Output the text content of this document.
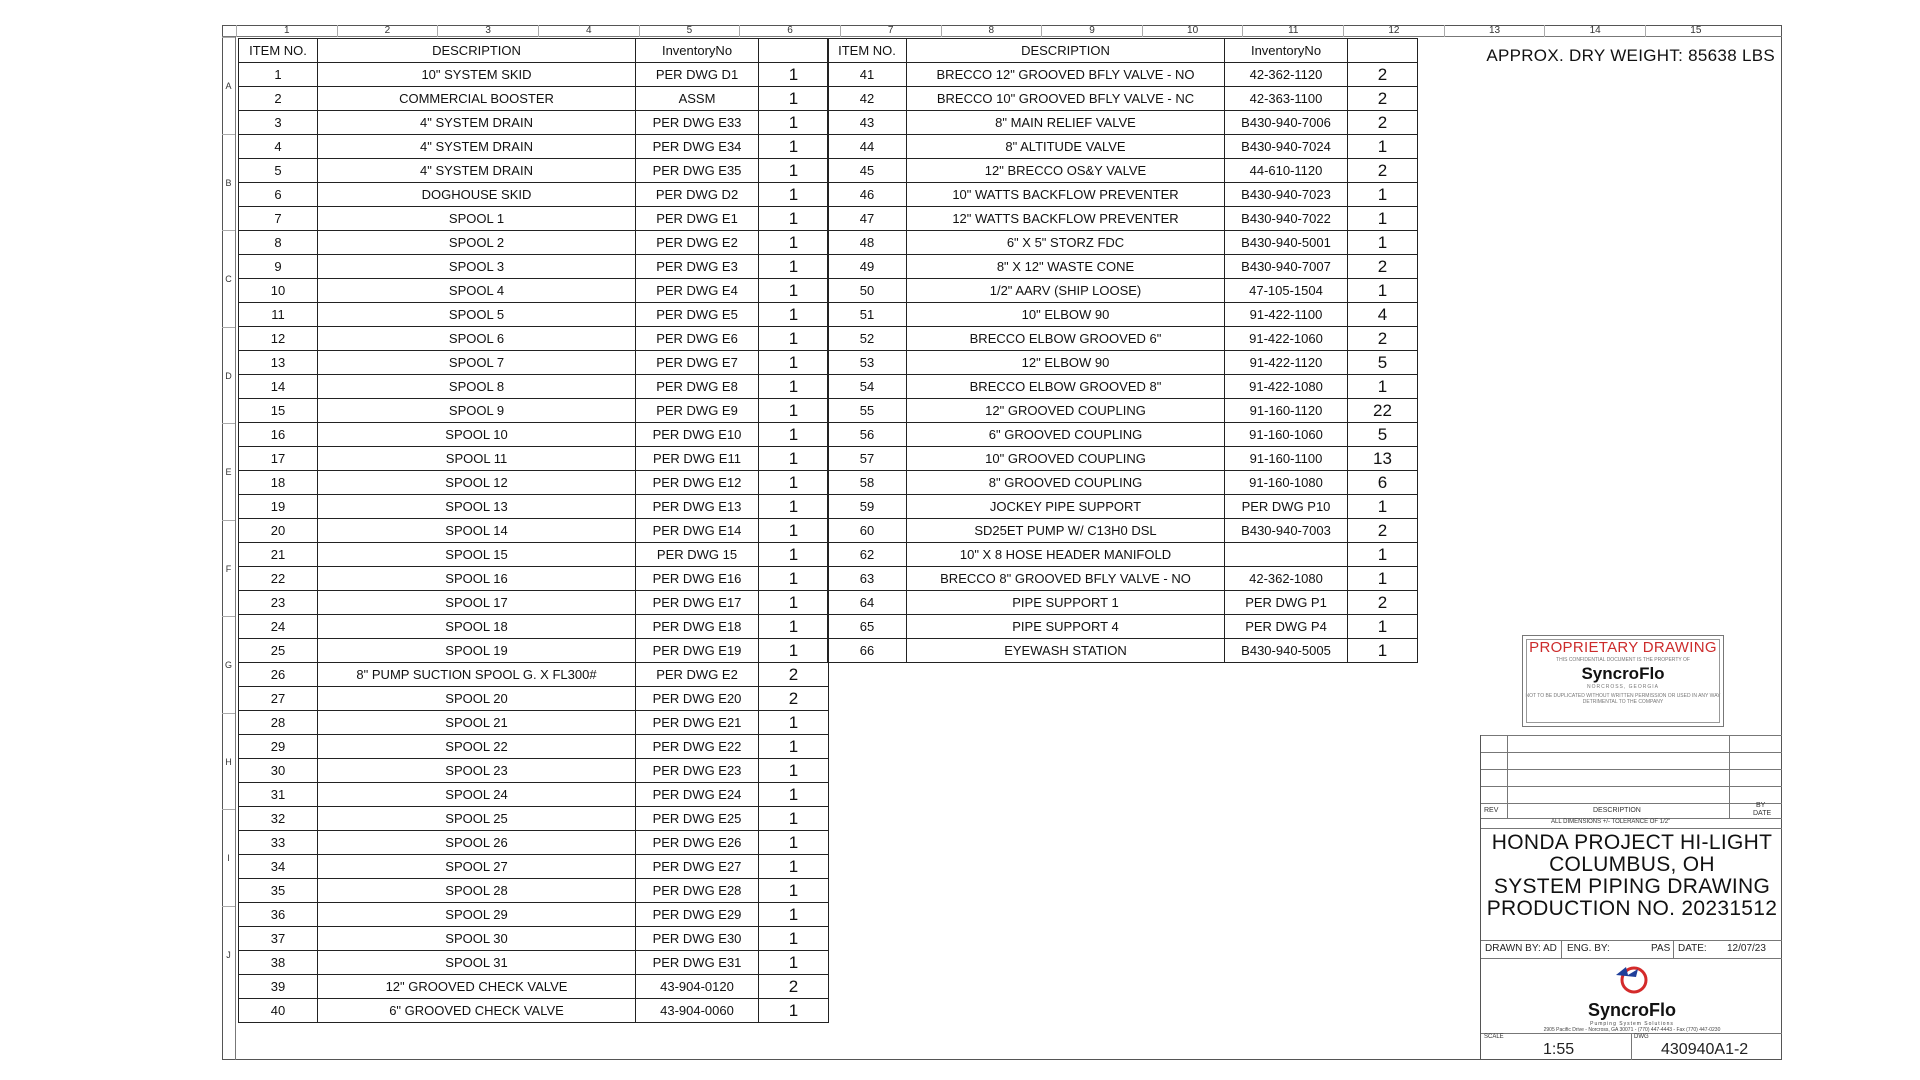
1	2	3	4	5	6	7	8	9	10	11	12	13	14	15
A
B
C
D
E
F
G
H
I
J
ITEM NO.	DESCRIPTION	InventoryNo	
1	10" SYSTEM SKID	PER DWG D1	1
2	COMMERCIAL BOOSTER	ASSM	1
3	4" SYSTEM DRAIN	PER DWG E33	1
4	4" SYSTEM DRAIN	PER DWG E34	1
5	4" SYSTEM DRAIN	PER DWG E35	1
6	DOGHOUSE SKID	PER DWG D2	1
7	SPOOL 1	PER DWG E1	1
8	SPOOL 2	PER DWG E2	1
9	SPOOL 3	PER DWG E3	1
10	SPOOL 4	PER DWG E4	1
11	SPOOL 5	PER DWG E5	1
12	SPOOL 6	PER DWG E6	1
13	SPOOL 7	PER DWG E7	1
14	SPOOL 8	PER DWG E8	1
15	SPOOL 9	PER DWG E9	1
16	SPOOL 10	PER DWG E10	1
17	SPOOL 11	PER DWG E11	1
18	SPOOL 12	PER DWG E12	1
19	SPOOL 13	PER DWG E13	1
20	SPOOL 14	PER DWG E14	1
21	SPOOL 15	PER DWG 15	1
22	SPOOL 16	PER DWG E16	1
23	SPOOL 17	PER DWG E17	1
24	SPOOL 18	PER DWG E18	1
25	SPOOL 19	PER DWG E19	1
26	8" PUMP SUCTION SPOOL G. X FL300#	PER DWG E2	2
27	SPOOL 20	PER DWG E20	2
28	SPOOL 21	PER DWG E21	1
29	SPOOL 22	PER DWG E22	1
30	SPOOL 23	PER DWG E23	1
31	SPOOL 24	PER DWG E24	1
32	SPOOL 25	PER DWG E25	1
33	SPOOL 26	PER DWG E26	1
34	SPOOL 27	PER DWG E27	1
35	SPOOL 28	PER DWG E28	1
36	SPOOL 29	PER DWG E29	1
37	SPOOL 30	PER DWG E30	1
38	SPOOL 31	PER DWG E31	1
39	12" GROOVED CHECK VALVE	43-904-0120	2
40	6" GROOVED CHECK VALVE	43-904-0060	1
ITEM NO.	DESCRIPTION	InventoryNo	
41	BRECCO 12" GROOVED BFLY VALVE - NO	42-362-1120	2
42	BRECCO 10" GROOVED BFLY VALVE - NC	42-363-1100	2
43	8" MAIN RELIEF VALVE	B430-940-7006	2
44	8" ALTITUDE VALVE	B430-940-7024	1
45	12" BRECCO OS&Y VALVE	44-610-1120	2
46	10" WATTS BACKFLOW PREVENTER	B430-940-7023	1
47	12" WATTS BACKFLOW PREVENTER	B430-940-7022	1
48	6" X 5" STORZ FDC	B430-940-5001	1
49	8" X 12" WASTE CONE	B430-940-7007	2
50	1/2" AARV (SHIP LOOSE)	47-105-1504	1
51	10" ELBOW 90	91-422-1100	4
52	BRECCO ELBOW GROOVED 6"	91-422-1060	2
53	12" ELBOW 90	91-422-1120	5
54	BRECCO ELBOW GROOVED 8"	91-422-1080	1
55	12" GROOVED COUPLING	91-160-1120	22
56	6" GROOVED COUPLING	91-160-1060	5
57	10" GROOVED COUPLING	91-160-1100	13
58	8" GROOVED COUPLING	91-160-1080	6
59	JOCKEY PIPE SUPPORT	PER DWG P10	1
60	SD25ET PUMP W/ C13H0 DSL	B430-940-7003	2
62	10" X 8 HOSE HEADER MANIFOLD		1
63	BRECCO 8" GROOVED BFLY VALVE - NO	42-362-1080	1
64	PIPE SUPPORT 1	PER DWG P1	2
65	PIPE SUPPORT 4	PER DWG P4	1
66	EYEWASH STATION	B430-940-5005	1
APPROX. DRY WEIGHT: 85638 LBS
PROPRIETARY DRAWING
THIS CONFIDENTIAL DOCUMENT IS THE PROPERTY OF
SyncroFlo
NORCROSS, GEORGIA
NOT TO BE DUPLICATED WITHOUT WRITTEN PERMISSION OR USED IN ANY WAY DETRIMENTAL TO THE COMPANY
REV	DESCRIPTION
BY
DATE
ALL DIMENSIONS +/- TOLERANCE OF 1/2"
HONDA PROJECT HI-LIGHT
COLUMBUS, OH
SYSTEM PIPING DRAWING
PRODUCTION NO. 20231512
DRAWN BY: AD ENG. BY:	PAS DATE: 12/07/23
SyncroFlo
Pumping System Solutions
2905 Pacific Drive - Norcross, GA 30071 - (770) 447-4443 - Fax (770) 447-0230
SCALE	DWG
1:55	430940A1-2
